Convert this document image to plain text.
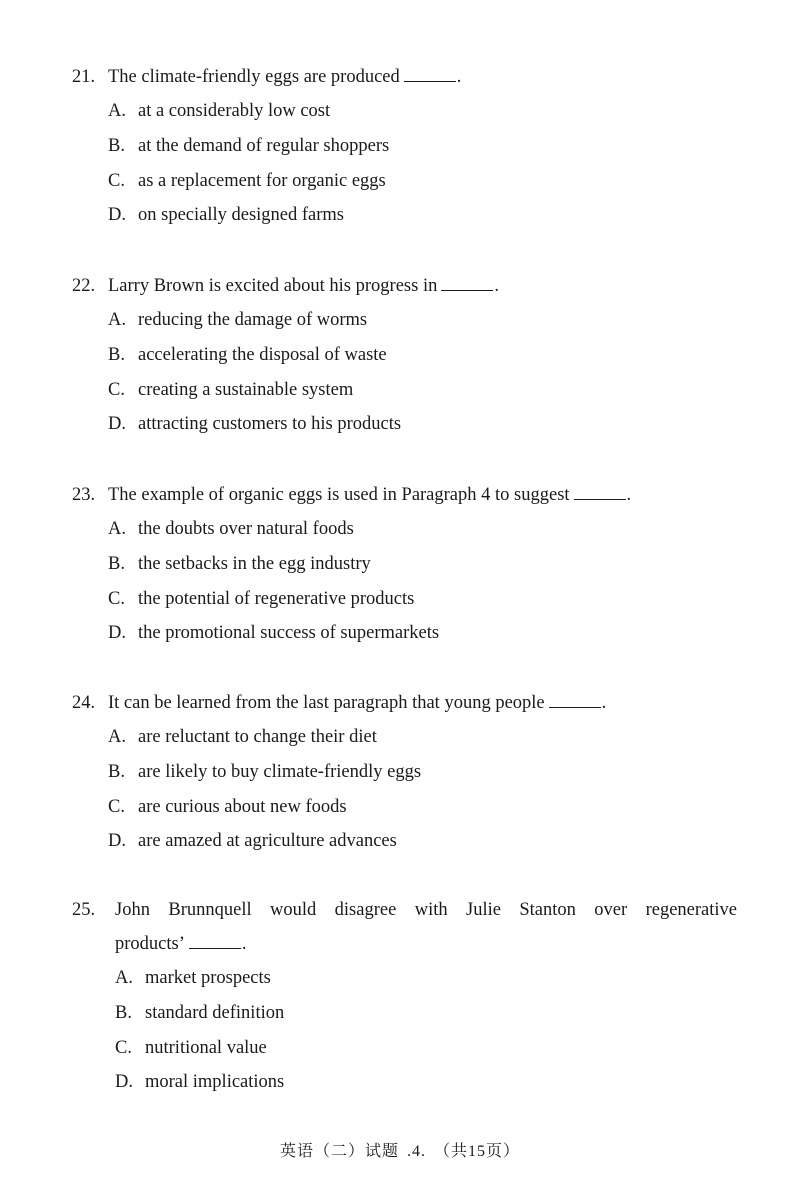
21. The climate-friendly eggs are produced	.
A. at a considerably low cost
B. at the demand of regular shoppers
C. as a replacement for organic eggs
D. on specially designed farms
22. Larry Brown is excited about his progress in	.
A. reducing the damage of worms
B. accelerating the disposal of waste
C. creating a sustainable system
D. attracting customers to his products
23. The example of organic eggs is used in Paragraph 4 to suggest	.
A. the doubts over natural foods
B. the setbacks in the egg industry
C. the potential of regenerative products
D. the promotional success of supermarkets
24. It can be learned from the last paragraph that young people	.
A. are reluctant to change their diet
B. are likely to buy climate-friendly eggs
C. are curious about new foods
D. are amazed at agriculture advances
25.	John Brunnquell would disagree with Julie Stanton over regenerative
products’	.
A. market prospects
B. standard definition
C. nutritional value
D. moral implications
英语（二）试题 .4. （共15页）
